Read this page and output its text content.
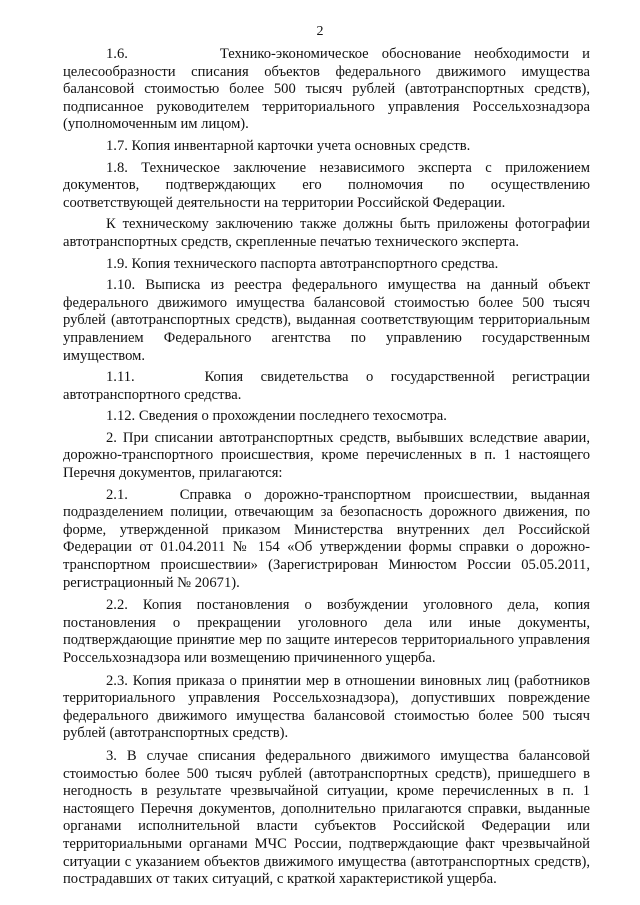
2

1.6.       Технико-экономическое обоснование необходимости и целесообразности списания объектов федерального движимого имущества балансовой стоимостью более 500 тысяч рублей (автотранспортных средств), подписанное руководителем территориального управления Россельхознадзора (уполномоченным им лицом).

1.7. Копия инвентарной карточки учета основных средств.

1.8. Техническое заключение независимого эксперта с приложением документов, подтверждающих его полномочия по осуществлению соответствующей деятельности на территории Российской Федерации.

К техническому заключению также должны быть приложены фотографии автотранспортных средств, скрепленные печатью технического эксперта.

1.9. Копия технического паспорта автотранспортного средства.

1.10. Выписка из реестра федерального имущества на данный объект федерального движимого имущества балансовой стоимостью более 500 тысяч рублей (автотранспортных средств), выданная соответствующим территориальным управлением Федерального агентства по управлению государственным имуществом.

1.11.    Копия свидетельства о государственной регистрации автотранспортного средства.

1.12. Сведения о прохождении последнего техосмотра.

2. При списании автотранспортных средств, выбывших вследствие аварии, дорожно-транспортного происшествия, кроме перечисленных в п. 1 настоящего Перечня документов, прилагаются:

2.1.    Справка о дорожно-транспортном происшествии, выданная подразделением полиции, отвечающим за безопасность дорожного движения, по форме, утвержденной приказом Министерства внутренних дел Российской Федерации от 01.04.2011 № 154 «Об утверждении формы справки о дорожно-транспортном происшествии» (Зарегистрирован Минюстом России 05.05.2011, регистрационный № 20671).

2.2. Копия постановления о возбуждении уголовного дела, копия постановления о прекращении уголовного дела или иные документы, подтверждающие принятие мер по защите интересов территориального управления Россельхознадзора или возмещению причиненного ущерба.

2.3. Копия приказа о принятии мер в отношении виновных лиц (работников территориального управления Россельхознадзора), допустивших повреждение федерального движимого имущества балансовой стоимостью более 500 тысяч рублей (автотранспортных средств).

3. В случае списания федерального движимого имущества балансовой стоимостью более 500 тысяч рублей (автотранспортных средств), пришедшего в негодность в результате чрезвычайной ситуации, кроме перечисленных в п. 1 настоящего Перечня документов, дополнительно прилагаются справки, выданные органами исполнительной власти субъектов Российской Федерации или территориальными органами МЧС России, подтверждающие факт чрезвычайной ситуации с указанием объектов движимого имущества (автотранспортных средств), пострадавших от таких ситуаций, с краткой характеристикой ущерба.
